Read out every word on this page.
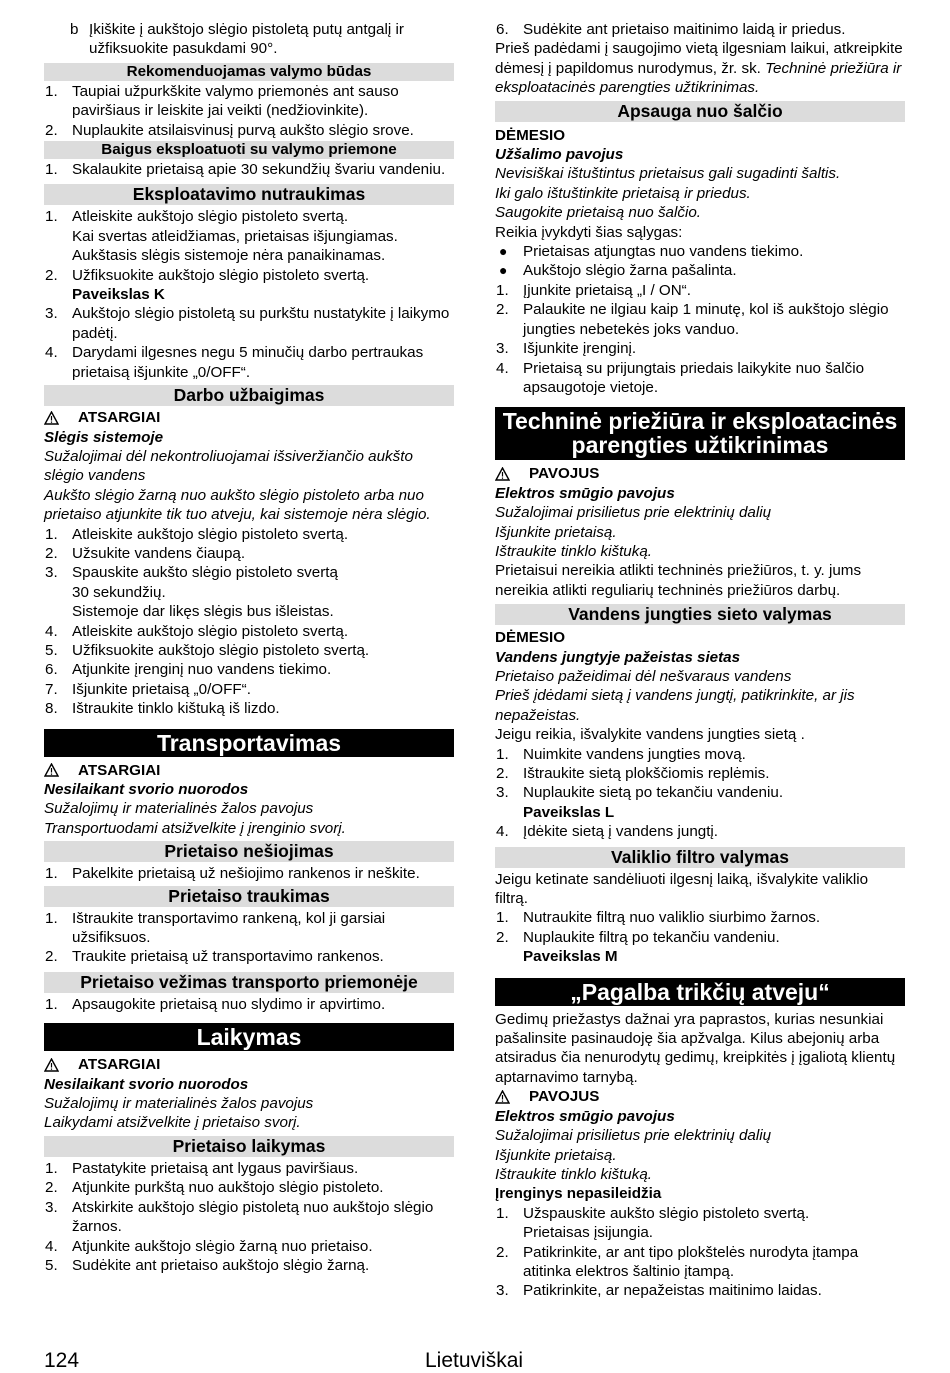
b Įkiškite į aukštojo slėgio pistoletą putų antgalį ir užfiksuokite pasukdami 90°.
Rekomenduojamas valymo būdas
1. Taupiai užpurkškite valymo priemonės ant sauso paviršiaus ir leiskite jai veikti (nedžiovinkite).
2. Nuplaukite atsilaisvinusį purvą aukšto slėgio srove.
Baigus eksploatuoti su valymo priemone
1. Skalaukite prietaisą apie 30 sekundžių švariu vandeniu.
Eksploatavimo nutraukimas
1. Atleiskite aukštojo slėgio pistoleto svertą.
Kai svertas atleidžiamas, prietaisas išjungiamas.
Aukštasis slėgis sistemoje nėra panaikinamas.
2. Užfiksuokite aukštojo slėgio pistoleto svertą.
Paveikslas K
3. Aukštojo slėgio pistoletą su purkštu nustatykite į laikymo padėtį.
4. Darydami ilgesnes negu 5 minučių darbo pertraukas prietaisą išjunkite „0/OFF“.
Darbo užbaigimas
ATSARGIAI

Slėgis sistemoje

Sužalojimai dėl nekontroliuojamai išsiveržiančio aukšto slėgio vandens

Aukšto slėgio žarną nuo aukšto slėgio pistoleto arba nuo prietaiso atjunkite tik tuo atveju, kai sistemoje nėra slėgio.

1. Atleiskite aukštojo slėgio pistoleto svertą.
2. Užsukite vandens čiaupą.
3. Spauskite aukšto slėgio pistoleto svertą
30 sekundžių.
Sistemoje dar likęs slėgis bus išleistas.
4. Atleiskite aukštojo slėgio pistoleto svertą.
5. Užfiksuokite aukštojo slėgio pistoleto svertą.
6. Atjunkite įrenginį nuo vandens tiekimo.
7. Išjunkite prietaisą „0/OFF“.
8. Ištraukite tinklo kištuką iš lizdo.
Transportavimas
ATSARGIAI

Nesilaikant svorio nuorodos

Sužalojimų ir materialinės žalos pavojus

Transportuodami atsižvelkite į įrenginio svorį.

Prietaiso nešiojimas
1. Pakelkite prietaisą už nešiojimo rankenos ir neškite.
Prietaiso traukimas
1. Ištraukite transportavimo rankeną, kol ji garsiai užsifiksuos.
2. Traukite prietaisą už transportavimo rankenos.
Prietaiso vežimas transporto priemonėje
1. Apsaugokite prietaisą nuo slydimo ir apvirtimo.
Laikymas
ATSARGIAI

Nesilaikant svorio nuorodos

Sužalojimų ir materialinės žalos pavojus

Laikydami atsižvelkite į prietaiso svorį.

Prietaiso laikymas
1. Pastatykite prietaisą ant lygaus paviršiaus.
2. Atjunkite purkštą nuo aukštojo slėgio pistoleto.
3. Atskirkite aukštojo slėgio pistoletą nuo aukštojo slėgio žarnos.
4. Atjunkite aukštojo slėgio žarną nuo prietaiso.
5. Sudėkite ant prietaiso aukštojo slėgio žarną.
6. Sudėkite ant prietaiso maitinimo laidą ir priedus.

Prieš padėdami į saugojimo vietą ilgesniam laikui, atkreipkite dėmesį į papildomus nurodymus, žr. sk. Techninė priežiūra ir eksploatacinės parengties užtikrinimas.

Apsauga nuo šalčio

DĖMESIO

Užšalimo pavojus

Nevisiškai ištuštintus prietaisus gali sugadinti šaltis.

Iki galo ištuštinkite prietaisą ir priedus.

Saugokite prietaisą nuo šalčio.

Reikia įvykdyti šias sąlygas:

● Prietaisas atjungtas nuo vandens tiekimo.
● Aukštojo slėgio žarna pašalinta.
1. Įjunkite prietaisą „I / ON“.
2. Palaukite ne ilgiau kaip 1 minutę, kol iš aukštojo slėgio jungties nebetekės joks vanduo.
3. Išjunkite įrenginį.
4. Prietaisą su prijungtais priedais laikykite nuo šalčio apsaugotoje vietoje.
Techninė priežiūra ir eksploatacinės parengties užtikrinimas
PAVOJUS

Elektros smūgio pavojus

Sužalojimai prisilietus prie elektrinių dalių

Išjunkite prietaisą.

Ištraukite tinklo kištuką.

Prietaisui nereikia atlikti techninės priežiūros, t. y. jums nereikia atlikti reguliarių techninės priežiūros darbų.

Vandens jungties sieto valymas

DĖMESIO

Vandens jungtyje pažeistas sietas

Prietaiso pažeidimai dėl nešvaraus vandens

Prieš įdėdami sietą į vandens jungtį, patikrinkite, ar jis nepažeistas.

Jeigu reikia, išvalykite vandens jungties sietą .

1. Nuimkite vandens jungties movą.
2. Ištraukite sietą plokščiomis replėmis.
3. Nuplaukite sietą po tekančiu vandeniu.
Paveikslas L
4. Įdėkite sietą į vandens jungtį.
Valiklio filtro valymas

Jeigu ketinate sandėliuoti ilgesnį laiką, išvalykite valiklio filtrą.

1. Nutraukite filtrą nuo valiklio siurbimo žarnos.
2. Nuplaukite filtrą po tekančiu vandeniu.
Paveikslas M
„Pagalba trikčių atveju“

Gedimų priežastys dažnai yra paprastos, kurias nesunkiai pašalinsite pasinaudoję šia apžvalga. Kilus abejonių arba atsiradus čia nenurodytų gedimų, kreipkitės į įgaliotą klientų aptarnavimo tarnybą.

PAVOJUS

Elektros smūgio pavojus

Sužalojimai prisilietus prie elektrinių dalių

Išjunkite prietaisą.

Ištraukite tinklo kištuką.

Įrenginys nepasileidžia

1. Užspauskite aukšto slėgio pistoleto svertą.
Prietaisas įsijungia.
2. Patikrinkite, ar ant tipo plokštelės nurodyta įtampa atitinka elektros šaltinio įtampą.
3. Patikrinkite, ar nepažeistas maitinimo laidas.
124	Lietuviškai
